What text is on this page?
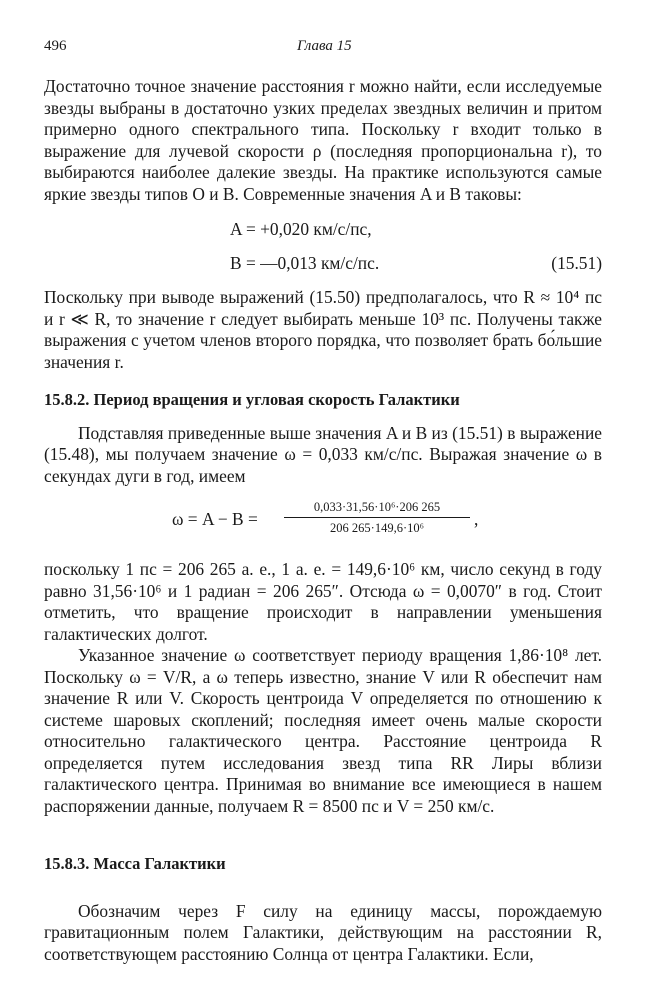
496	Глава 15

Достаточно точное значение расстояния r можно найти, если исследуемые звезды выбраны в достаточно узких пределах звездных величин и притом примерно одного спектрального типа. Поскольку r входит только в выражение для лучевой скорости ρ (последняя пропорциональна r), то выбираются наиболее далекие звезды. На практике используются самые яркие звезды типов O и B. Современные значения A и B таковы:

A = +0,020 км/с/пс,
B = —0,013 км/с/пс.	(15.51)

Поскольку при выводе выражений (15.50) предполагалось, что R ≈ 10⁴ пс и r ≪ R, то значение r следует выбирать меньше 10³ пс. Получены также выражения с учетом членов второго порядка, что позволяет брать бо́льшие значения r.

15.8.2. Период вращения и угловая скорость Галактики

Подставляя приведенные выше значения A и B из (15.51) в выражение (15.48), мы получаем значение ω = 0,033 км/с/пс. Выражая значение ω в секундах дуги в год, имеем

$\omega = A - B = \frac{\text{0,033·31,56·10⁶·206 265}}{\text{206 265·149,6·10⁶}}$ ,

поскольку 1 пс = 206 265 а. е., 1 а. е. = 149,6·10⁶ км, число секунд в году равно 31,56·10⁶ и 1 радиан = 206 265″. Отсюда ω = 0,0070″ в год. Стоит отметить, что вращение происходит в направлении уменьшения галактических долгот.

Указанное значение ω соответствует периоду вращения 1,86·10⁸ лет. Поскольку ω = V/R, а ω теперь известно, знание V или R обеспечит нам значение R или V. Скорость центроида V определяется по отношению к системе шаровых скоплений; последняя имеет очень малые скорости относительно галактического центра. Расстояние центроида R определяется путем исследования звезд типа RR Лиры вблизи галактического центра. Принимая во внимание все имеющиеся в нашем распоряжении данные, получаем R = 8500 пс и V = 250 км/с.

15.8.3. Масса Галактики

Обозначим через F силу на единицу массы, порождаемую гравитационным полем Галактики, действующим на расстоянии R, соответствующем расстоянию Солнца от центра Галактики. Если,
